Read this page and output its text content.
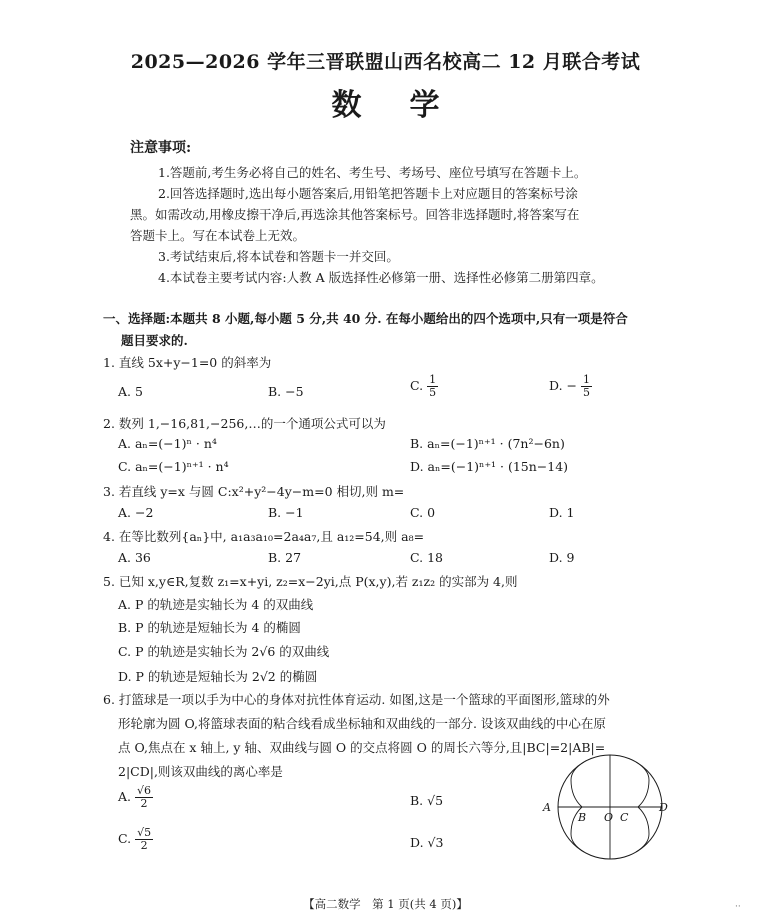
2025—2026 学年三晋联盟山西名校高二 12 月联合考试
数学
注意事项:
1.答题前,考生务必将自己的姓名、考生号、考场号、座位号填写在答题卡上。
2.回答选择题时,选出每小题答案后,用铅笔把答题卡上对应题目的答案标号涂
黑。如需改动,用橡皮擦干净后,再选涂其他答案标号。回答非选择题时,将答案写在
答题卡上。写在本试卷上无效。
3.考试结束后,将本试卷和答题卡一并交回。
4.本试卷主要考试内容:人教 A 版选择性必修第一册、选择性必修第二册第四章。
一、选择题:本题共 8 小题,每小题 5 分,共 40 分. 在每小题给出的四个选项中,只有一项是符合
题目要求的.
1. 直线 5x+y−1=0 的斜率为
A. 5	B. −5	C. $\frac{1}{5}$	D. − $\frac{1}{5}$
2. 数列 1,−16,81,−256,…的一个通项公式可以为
A. aₙ=(−1)ⁿ · n⁴	B. aₙ=(−1)ⁿ⁺¹ · (7n²−6n)
C. aₙ=(−1)ⁿ⁺¹ · n⁴	D. aₙ=(−1)ⁿ⁺¹ · (15n−14)
3. 若直线 y=x 与圆 C:x²+y²−4y−m=0 相切,则 m=
A. −2	B. −1	C. 0	D. 1
4. 在等比数列{aₙ}中, a₁a₃a₁₀=2a₄a₇,且 a₁₂=54,则 a₈=
A. 36	B. 27	C. 18	D. 9
5. 已知 x,y∈R,复数 z₁=x+yi, z₂=x−2yi,点 P(x,y),若 z₁z₂ 的实部为 4,则
A. P 的轨迹是实轴长为 4 的双曲线
B. P 的轨迹是短轴长为 4 的椭圆
C. P 的轨迹是实轴长为 2√6 的双曲线
D. P 的轨迹是短轴长为 2√2 的椭圆
6. 打篮球是一项以手为中心的身体对抗性体育运动. 如图,这是一个篮球的平面图形,篮球的外
形轮廓为圆 O,将篮球表面的粘合线看成坐标轴和双曲线的一部分. 设该双曲线的中心在原
点 O,焦点在 x 轴上, y 轴、双曲线与圆 O 的交点将圆 O 的周长六等分,且|BC|=2|AB|=
2|CD|,则该双曲线的离心率是
A. $\frac{√6}{2}$	B. √5
C. $\frac{√5}{2}$	D. √3
A
B O C
D
【高二数学　第 1 页(共 4 页)】	··
